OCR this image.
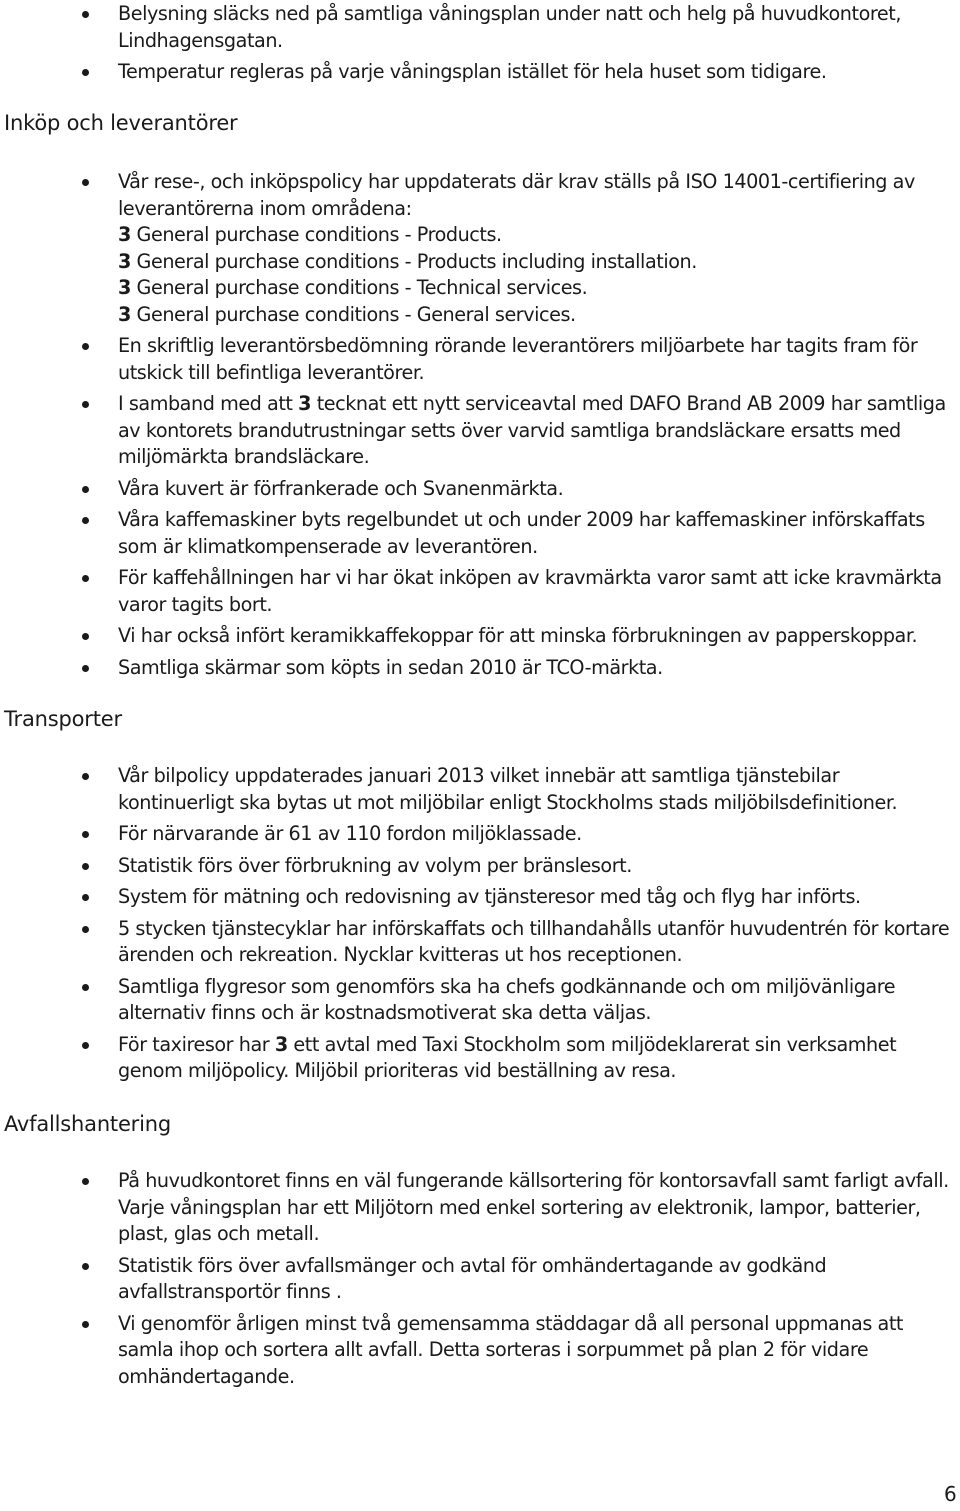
Belysning släcks ned på samtliga våningsplan under natt och helg på huvudkontoret, Lindhagensgatan.
Temperatur regleras på varje våningsplan istället för hela huset som tidigare.
Inköp och leverantörer
Vår rese-, och inköpspolicy har uppdaterats där krav ställs på ISO 14001-certifiering av leverantörerna inom områdena:
3 General purchase conditions - Products.
3 General purchase conditions - Products including installation.
3 General purchase conditions - Technical services.
3 General purchase conditions - General services.
En skriftlig leverantörsbedömning rörande leverantörers miljöarbete har tagits fram för utskick till befintliga leverantörer.
I samband med att 3 tecknat ett nytt serviceavtal med DAFO Brand AB 2009 har samtliga av kontorets brandutrustningar setts över varvid samtliga brandsläckare ersatts med miljömärkta brandsläckare.
Våra kuvert är förfrankerade och Svanenmärkta.
Våra kaffemaskiner byts regelbundet ut och under 2009 har kaffemaskiner införskaffats som är klimatkompenserade av leverantören.
För kaffehållningen har vi har ökat inköpen av kravmärkta varor samt att icke kravmärkta varor tagits bort.
Vi har också infört keramikkaffekoppar för att minska förbrukningen av papperskoppar.
Samtliga skärmar som köpts in sedan 2010 är TCO-märkta.
Transporter
Vår bilpolicy uppdaterades januari 2013 vilket innebär att samtliga tjänstebilar kontinuerligt ska bytas ut mot miljöbilar enligt Stockholms stads miljöbilsdefinitioner.
För närvarande är 61 av 110 fordon miljöklassade.
Statistik förs över förbrukning av volym per bränslesort.
System för mätning och redovisning av tjänsteresor med tåg och flyg har införts.
5 stycken tjänstecyklar har införskaffats och tillhandahålls utanför huvudentrén för kortare ärenden och rekreation. Nycklar kvitteras ut hos receptionen.
Samtliga flygresor som genomförs ska ha chefs godkännande och om miljövänligare alternativ finns och är kostnadsmotiverat ska detta väljas.
För taxiresor har 3 ett avtal med Taxi Stockholm som miljödeklarerat sin verksamhet genom miljöpolicy. Miljöbil prioriteras vid beställning av resa.
Avfallshantering
På huvudkontoret finns en väl fungerande källsortering för kontorsavfall samt farligt avfall. Varje våningsplan har ett Miljötorn med enkel sortering av elektronik, lampor, batterier, plast, glas och metall.
Statistik förs över avfallsmänger och avtal för omhändertagande av godkänd avfallstransportör finns .
Vi genomför årligen minst två gemensamma städdagar då all personal uppmanas att samla ihop och sortera allt avfall. Detta sorteras i sorpummet på plan 2 för vidare omhändertagande.

6
